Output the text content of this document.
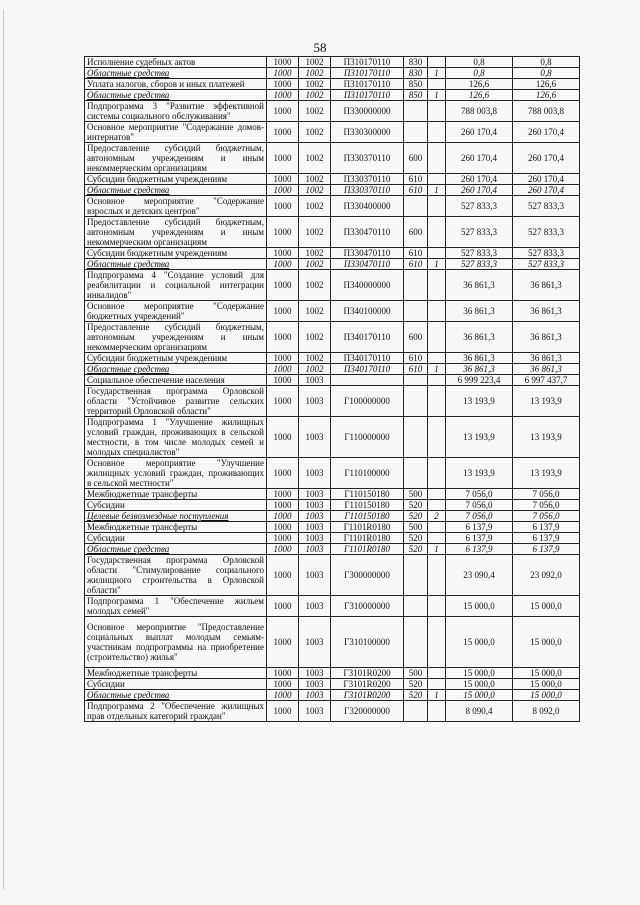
58
Исполнение судебных актов	1000	1002	П310170110	830		0,8	0,8
Областные средства	1000	1002	П310170110	830	1	0,8	0,8
Уплата налогов, сборов и иных платежей	1000	1002	П310170110	850		126,6	126,6
Областные средства	1000	1002	П310170110	850	1	126,6	126,6
Подпрограмма 3 "Развитие эффективной системы социального обслуживания"	1000	1002	П330000000			788 003,8	788 003,8
Основное мероприятие "Содержание домов-интернатов"	1000	1002	П330300000			260 170,4	260 170,4
Предоставление субсидий бюджетным, автономным учреждениям и иным некоммерческим организациям	1000	1002	П330370110	600		260 170,4	260 170,4
Субсидии бюджетным учреждениям	1000	1002	П330370110	610		260 170,4	260 170,4
Областные средства	1000	1002	П330370110	610	1	260 170,4	260 170,4
Основное мероприятие "Содержание взрослых и детских центров"	1000	1002	П330400000			527 833,3	527 833,3
Предоставление субсидий бюджетным, автономным учреждениям и иным некоммерческим организациям	1000	1002	П330470110	600		527 833,3	527 833,3
Субсидии бюджетным учреждениям	1000	1002	П330470110	610		527 833,3	527 833,3
Областные средства	1000	1002	П330470110	610	1	527 833,3	527 833,3
Подпрограмма 4 "Создание условий для реабилитации и социальной интеграции инвалидов"	1000	1002	П340000000			36 861,3	36 861,3
Основное мероприятие "Содержание бюджетных учреждений"	1000	1002	П340100000			36 861,3	36 861,3
Предоставление субсидий бюджетным, автономным учреждениям и иным некоммерческим организациям	1000	1002	П340170110	600		36 861,3	36 861,3
Субсидии бюджетным учреждениям	1000	1002	П340170110	610		36 861,3	36 861,3
Областные средства	1000	1002	П340170110	610	1	36 861,3	36 861,3
Социальное обеспечение населения	1000	1003				6 999 223,4	6 997 437,7
Государственная программа Орловской области "Устойчивое развитие сельских территорий Орловской области"	1000	1003	Г100000000			13 193,9	13 193,9
Подпрограмма 1 "Улучшение жилищных условий граждан, проживающих в сельской местности, в том числе молодых семей и молодых специалистов"	1000	1003	Г110000000			13 193,9	13 193,9
Основное мероприятие "Улучшение жилищных условий граждан, проживающих в сельской местности"	1000	1003	Г110100000			13 193,9	13 193,9
Межбюджетные трансферты	1000	1003	Г110150180	500		7 056,0	7 056,0
Субсидии	1000	1003	Г110150180	520		7 056,0	7 056,0
Целевые безвозмездные поступления	1000	1003	Г110150180	520	2	7 056,0	7 056,0
Межбюджетные трансферты	1000	1003	Г1101R0180	500		6 137,9	6 137,9
Субсидии	1000	1003	Г1101R0180	520		6 137,9	6 137,9
Областные средства	1000	1003	Г1101R0180	520	1	6 137,9	6 137,9
Государственная программа Орловской области "Стимулирование социального жилищного строительства в Орловской области"	1000	1003	Г300000000			23 090,4	23 092,0
Подпрограмма 1 "Обеспечение жильем молодых семей"	1000	1003	Г310000000			15 000,0	15 000,0
Основное мероприятие "Предоставление социальных выплат молодым семьям-участникам подпрограммы на приобретение (строительство) жилья"	1000	1003	Г310100000			15 000,0	15 000,0
Межбюджетные трансферты	1000	1003	Г3101R0200	500		15 000,0	15 000,0
Субсидии	1000	1003	Г3101R0200	520		15 000,0	15 000,0
Областные средства	1000	1003	Г3101R0200	520	1	15 000,0	15 000,0
Подпрограмма 2 "Обеспечение жилищных прав отдельных категорий граждан"	1000	1003	Г320000000			8 090,4	8 092,0
